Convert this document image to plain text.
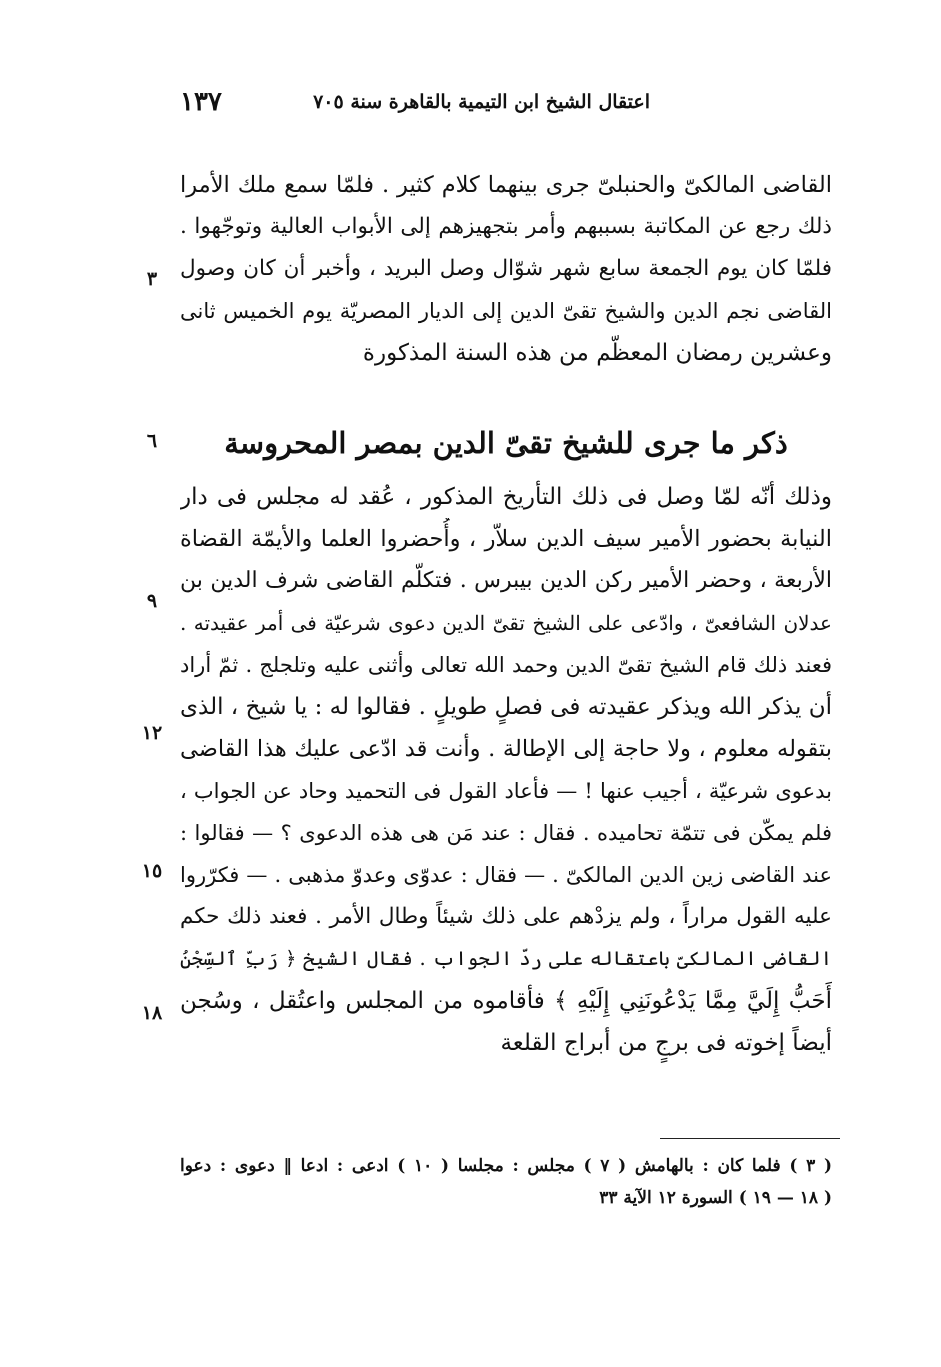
اعتقال الشيخ ابن التيمية بالقاهرة سنة ٧٠٥
١٣٧
القاضى المالكىّ والحنبلىّ جرى بينهما كلام كثير . فلمّا سمع ملك الأمرا
ذلك رجع عن المكاتبة بسببهم وأمر بتجهيزهم إلى الأبواب العالية وتوجّهوا .
فلمّا كان يوم الجمعة سابع شهر شوّال وصل البريد ، وأخبر أن كان وصول
القاضى نجم الدين والشيخ تقىّ الدين إلى الديار المصريّة يوم الخميس ثانى
وعشرين رمضان المعظّم من هذه السنة المذكورة
ذكر ما جرى للشيخ تقىّ الدين بمصر المحروسة
وذلك أنّه لمّا وصل فى ذلك التأريخ المذكور ، عُقد له مجلس فى دار
النيابة بحضور الأمير سيف الدين سلاّر ، وأُحضروا العلما والأيمّة القضاة
الأربعة ، وحضر الأمير ركن الدين بيبرس . فتكلّم القاضى شرف الدين بن
عدلان الشافعىّ ، وادّعى على الشيخ تقىّ الدين دعوى شرعيّة فى أمر عقيدته .
فعند ذلك قام الشيخ تقىّ الدين وحمد الله تعالى وأثنى عليه وتلجلج . ثمّ أراد
أن يذكر الله ويذكر عقيدته فى فصلٍ طويلٍ . فقالوا له : يا شيخ ، الذى
بتقوله معلوم ، ولا حاجة إلى الإطالة . وأنت قد ادّعى عليك هذا القاضى
بدعوى شرعيّة ، أجيب عنها ! — فأعاد القول فى التحميد وحاد عن الجواب ،
فلم يمكّن فى تتمّة تحاميده . فقال : عند مَن هى هذه الدعوى ؟ — فقالوا :
عند القاضى زين الدين المالكىّ . — فقال : عدوّى وعدوّ مذهبى . — فكرّروا
عليه القول مراراً ، ولم يزدْهم على ذلك شيئاً وطال الأمر . فعند ذلك حكم
القاضى المالكىّ باعتقاله على ردّ الجواب . فقال الشيخ ﴿ رَبِّ ٱلسِّجْنُ
أَحَبُّ إِلَيَّ مِمَّا يَدْعُونَنِي إِلَيْهِ ﴾ فأقاموه من المجلس واعتُقل ، وسُجن
أيضاً إخوته فى برجٍ من أبراج القلعة
٣
٦
٩
١٢
١٥
١٨
( ٣ ) فلما كان : بالهامش ( ٧ ) مجلس : مجلسا ( ١٠ ) ادعى : ادعا ‖ دعوى : دعوا
( ١٨ — ١٩ ) السورة ١٢ الآية ٣٣
